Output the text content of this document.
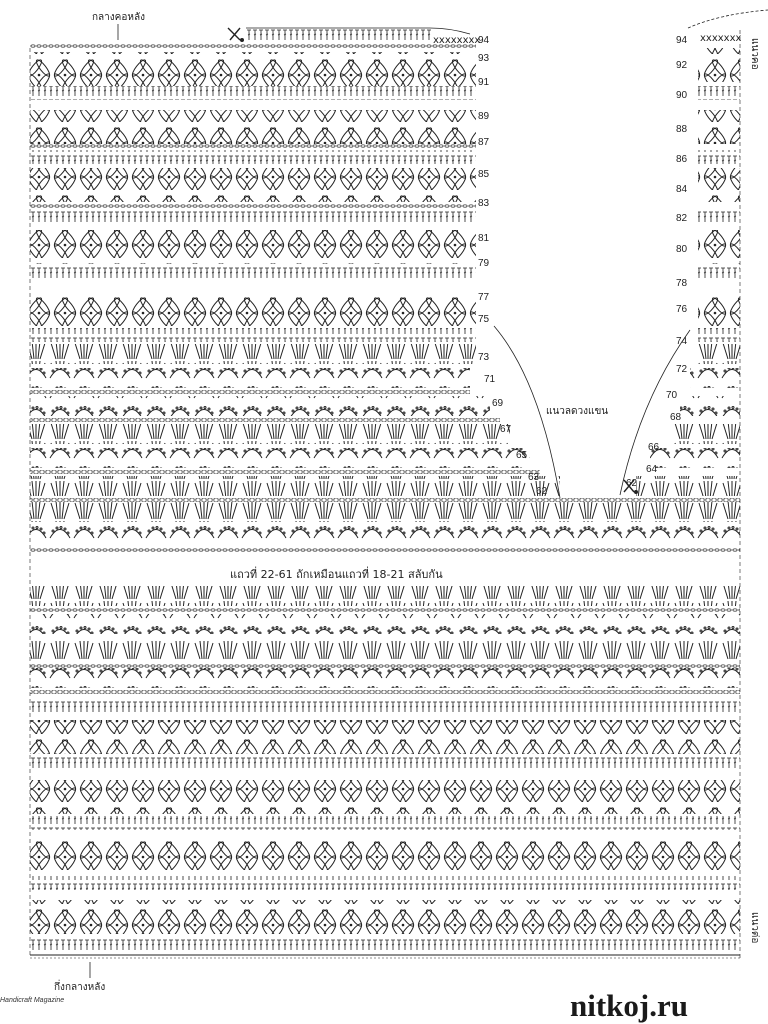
xxxxxxxx	xxxxxxx
กลางคอหลัง
แนวลดวงแขน
แถวที่ 22-61 ถักเหมือนแถวที่ 18-21 สลับกัน
กึ่งกลางหลัง
แนวคอ
แนวต่อ
Handicraft Magazine	nitkoj.ru
94
93
91
89
87
85
83
81
79
77
75
73
71
69
67
65
63
62
94
92
90
88
86
84
82
80
78
76
74
72
70
68
66
64
62
